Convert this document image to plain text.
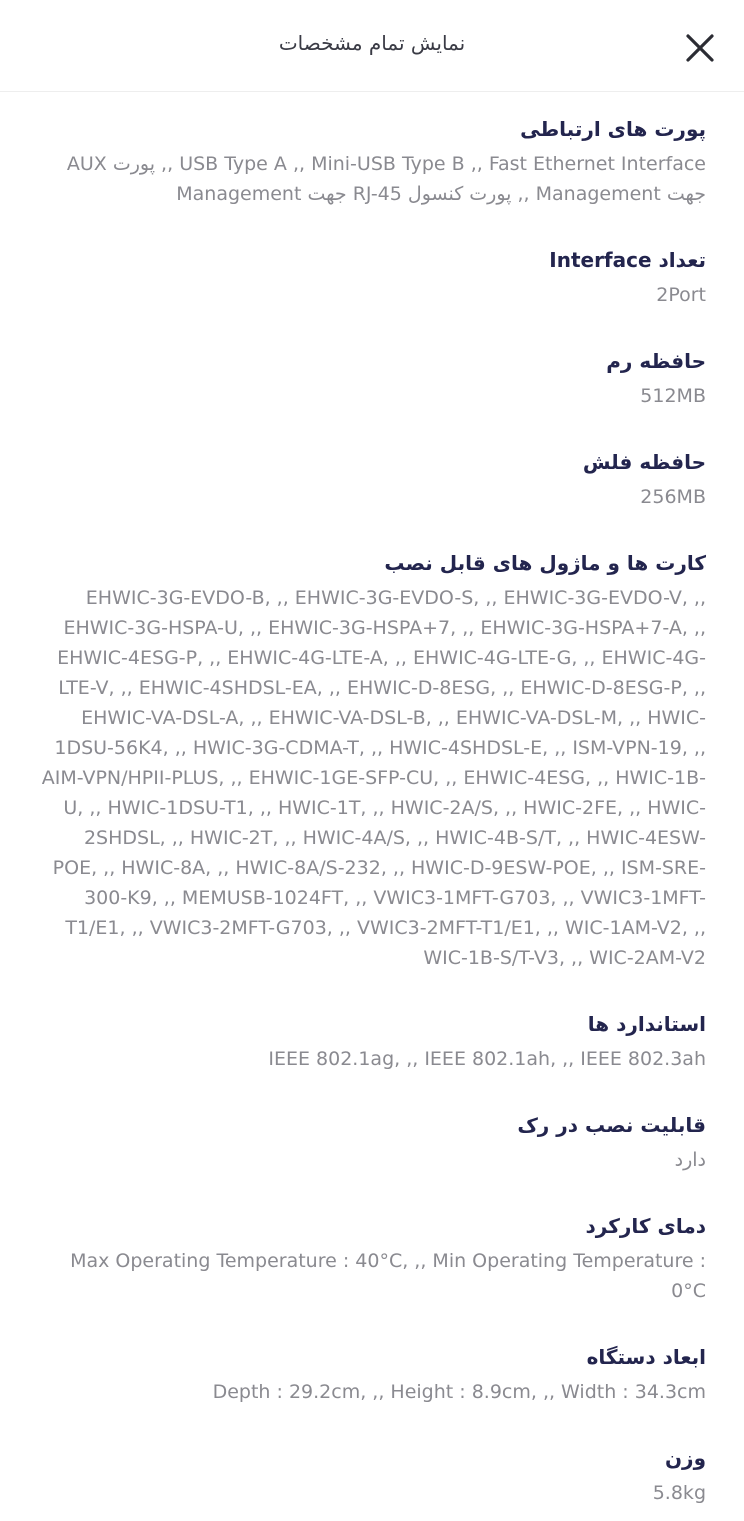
نمایش تمام مشخصات
پورت های ارتباطی
USB Type A ,, Mini-USB Type B ,, Fast Ethernet Interface ,, پورت AUX جهت Management ,, پورت کنسول RJ-45 جهت Management
تعداد Interface
2Port
حافظه رم
512MB
حافظه فلش
256MB
کارت ها و ماژول های قابل نصب
EHWIC-3G-EVDO-B, ,, EHWIC-3G-EVDO-S, ,, EHWIC-3G-EVDO-V, ,, EHWIC-3G-HSPA-U, ,, EHWIC-3G-HSPA+7, ,, EHWIC-3G-HSPA+7-A, ,, EHWIC-4ESG-P, ,, EHWIC-4G-LTE-A, ,, EHWIC-4G-LTE-G, ,, EHWIC-4G-LTE-V, ,, EHWIC-4SHDSL-EA, ,, EHWIC-D-8ESG, ,, EHWIC-D-8ESG-P, ,, EHWIC-VA-DSL-A, ,, EHWIC-VA-DSL-B, ,, EHWIC-VA-DSL-M, ,, HWIC-1DSU-56K4, ,, HWIC-3G-CDMA-T, ,, HWIC-4SHDSL-E, ,, ISM-VPN-19, ,, AIM-VPN/HPII-PLUS, ,, EHWIC-1GE-SFP-CU, ,, EHWIC-4ESG, ,, HWIC-1B-U, ,, HWIC-1DSU-T1, ,, HWIC-1T, ,, HWIC-2A/S, ,, HWIC-2FE, ,, HWIC-2SHDSL, ,, HWIC-2T, ,, HWIC-4A/S, ,, HWIC-4B-S/T, ,, HWIC-4ESW-POE, ,, HWIC-8A, ,, HWIC-8A/S-232, ,, HWIC-D-9ESW-POE, ,, ISM-SRE-300-K9, ,, MEMUSB-1024FT, ,, VWIC3-1MFT-G703, ,, VWIC3-1MFT-T1/E1, ,, VWIC3-2MFT-G703, ,, VWIC3-2MFT-T1/E1, ,, WIC-1AM-V2, ,, WIC-1B-S/T-V3, ,, WIC-2AM-V2
استاندارد ها
IEEE 802.1ag, ,, IEEE 802.1ah, ,, IEEE 802.3ah
قابلیت نصب در رک
دارد
دمای کارکرد
Max Operating Temperature : 40°C, ,, Min Operating Temperature : 0°C
ابعاد دستگاه
Depth : 29.2cm, ,, Height : 8.9cm, ,, Width : 34.3cm
وزن
5.8kg
